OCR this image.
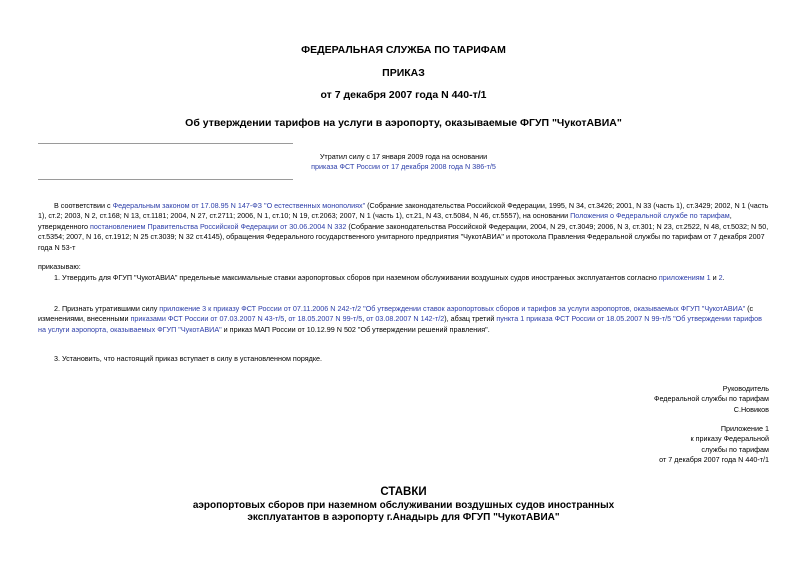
ФЕДЕРАЛЬНАЯ СЛУЖБА ПО ТАРИФАМ
ПРИКАЗ
от 7 декабря 2007 года N 440-т/1
Об утверждении тарифов на услуги в аэропорту, оказываемые ФГУП "ЧукотАВИА"
Утратил силу с 17 января 2009 года на основании
приказа ФСТ России от 17 декабря 2008 года N 386-т/5
В соответствии с Федеральным законом от 17.08.95 N 147-ФЗ "О естественных монополиях" (Собрание законодательства Российской Федерации, 1995, N 34, ст.3426; 2001, N 33 (часть 1), ст.3429; 2002, N 1 (часть 1), ст.2; 2003, N 2, ст.168; N 13, ст.1181; 2004, N 27, ст.2711; 2006, N 1, ст.10; N 19, ст.2063; 2007, N 1 (часть 1), ст.21, N 43, ст.5084, N 46, ст.5557), на основании Положения о Федеральной службе по тарифам, утвержденного постановлением Правительства Российской Федерации от 30.06.2004 N 332 (Собрание законодательства Российской Федерации, 2004, N 29, ст.3049; 2006, N 3, ст.301; N 23, ст.2522, N 48, ст.5032; N 50, ст.5354; 2007, N 16, ст.1912; N 25 ст.3039; N 32 ст.4145), обращения Федерального государственного унитарного предприятия "ЧукотАВИА" и протокола Правления Федеральной службы по тарифам от 7 декабря 2007 года N 53-т
приказываю:
1. Утвердить для ФГУП "ЧукотАВИА" предельные максимальные ставки аэропортовых сборов при наземном обслуживании воздушных судов иностранных эксплуатантов согласно приложениям 1 и 2.
2. Признать утратившими силу приложение 3 к приказу ФСТ России от 07.11.2006 N 242-т/2 "Об утверждении ставок аэропортовых сборов и тарифов за услуги аэропортов, оказываемых ФГУП "ЧукотАВИА" (с изменениями, внесенными приказами ФСТ России от 07.03.2007 N 43-т/5, от 18.05.2007 N 99-т/5, от 03.08.2007 N 142-т/2), абзац третий пункта 1 приказа ФСТ России от 18.05.2007 N 99-т/5 "Об утверждении тарифов на услуги аэропорта, оказываемых ФГУП "ЧукотАВИА" и приказ МАП России от 10.12.99 N 502 "Об утверждении решений правления".
3. Установить, что настоящий приказ вступает в силу в установленном порядке.
Руководитель
Федеральной службы по тарифам
С.Новиков
Приложение 1
к приказу Федеральной
службы по тарифам
от 7 декабря 2007 года N 440-т/1
СТАВКИ
аэропортовых сборов при наземном обслуживании воздушных судов иностранных
эксплуатантов в аэропорту г.Анадырь для ФГУП "ЧукотАВИА"
